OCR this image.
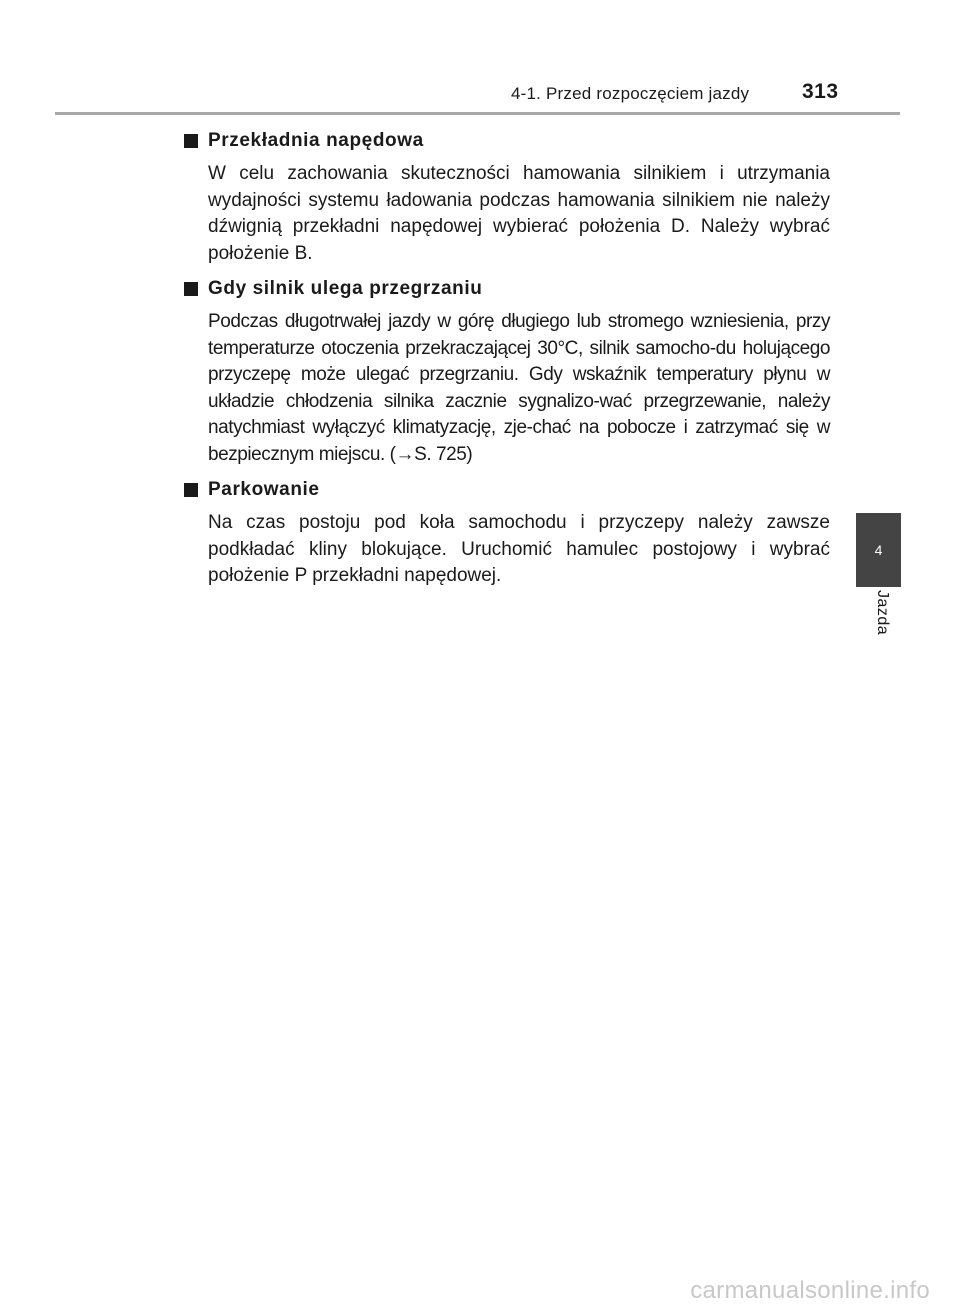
4-1. Przed rozpoczęciem jazdy	313
Przekładnia napędowa

W celu zachowania skuteczności hamowania silnikiem i utrzymania wydajności systemu ładowania podczas hamowania silnikiem nie należy dźwignią przekładni napędowej wybierać położenia D. Należy wybrać położenie B.

Gdy silnik ulega przegrzaniu

Podczas długotrwałej jazdy w górę długiego lub stromego wzniesienia, przy temperaturze otoczenia przekraczającej 30°C, silnik samocho-du holującego przyczepę może ulegać przegrzaniu. Gdy wskaźnik temperatury płynu w układzie chłodzenia silnika zacznie sygnalizo-wać przegrzewanie, należy natychmiast wyłączyć klimatyzację, zje-chać na pobocze i zatrzymać się w bezpiecznym miejscu. (→S. 725)

Parkowanie

Na czas postoju pod koła samochodu i przyczepy należy zawsze podkładać kliny blokujące. Uruchomić hamulec postojowy i wybrać położenie P przekładni napędowej.

4
Jazda
carmanualsonline.info
